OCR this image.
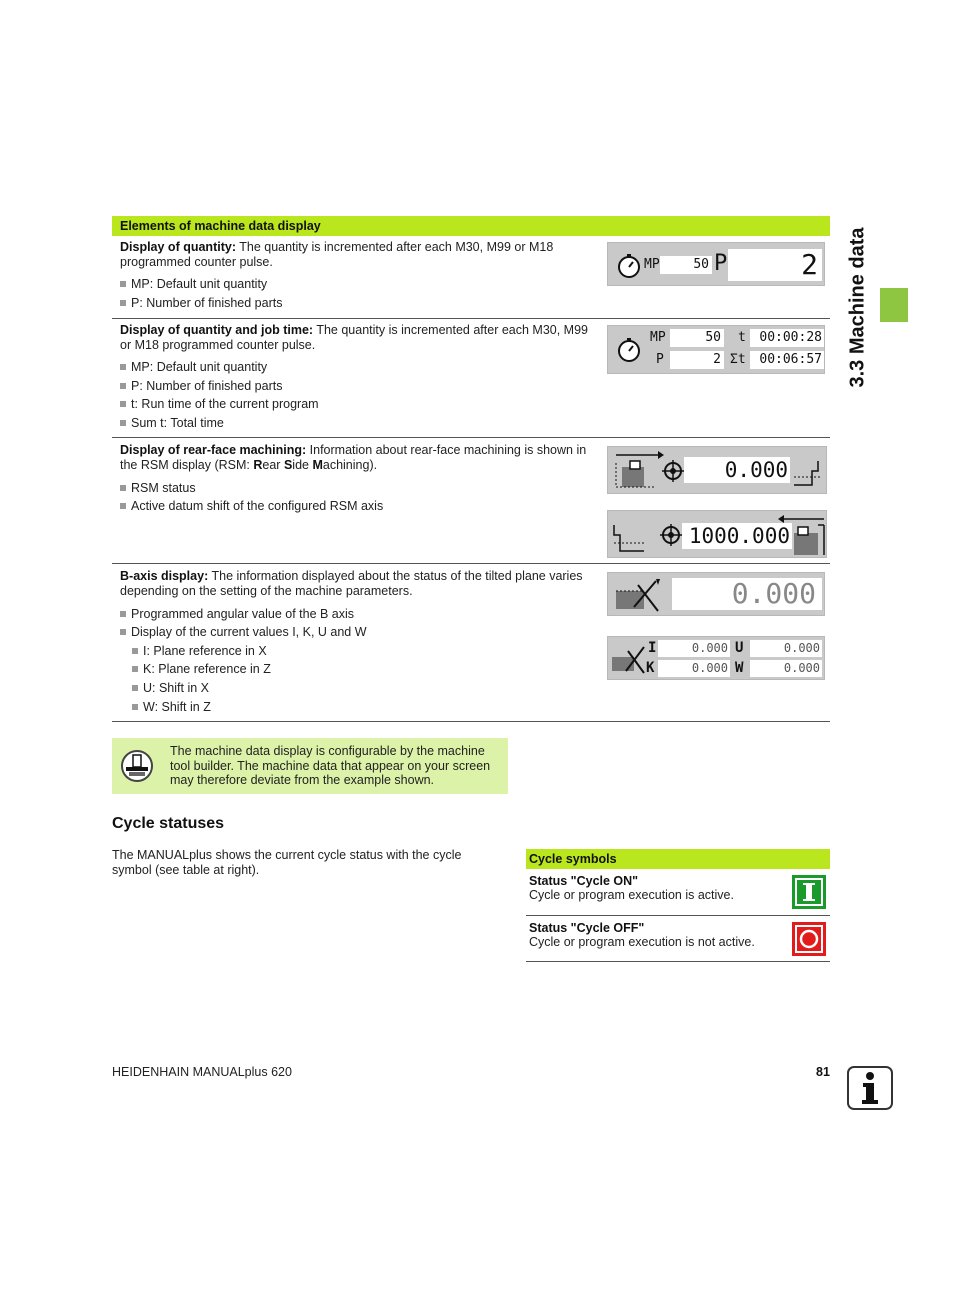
3.3 Machine data
Elements of machine data display
Display of quantity: The quantity is incremented after each M30, M99 or M18 programmed counter pulse.
MP: Default unit quantity
P: Number of finished parts
MP	50 P	2
Display of quantity and job time: The quantity is incremented after each M30, M99 or M18 programmed counter pulse.
MP: Default unit quantity
P: Number of finished parts
t: Run time of the current program
Sum t: Total time
MP	50 t	00:00:28
P	2 Σt	00:06:57
Display of rear-face machining: Information about rear-face machining is shown in the RSM display (RSM: Rear Side Machining).
RSM status
Active datum shift of the configured RSM axis
0.000
1000.000
B-axis display: The information displayed about the status of the tilted plane varies depending on the setting of the machine parameters.
Programmed angular value of the B axis
Display of the current values I, K, U and W
I: Plane reference in X
K: Plane reference in Z
U: Shift in X
W: Shift in Z
0.000
I	0.000 U	0.000
K	0.000 W	0.000
The machine data display is configurable by the machine tool builder. The machine data that appear on your screen may therefore deviate from the example shown.
Cycle statuses
The MANUALplus shows the current cycle status with the cycle symbol (see table at right).
Cycle symbols
Status "Cycle ON"
Cycle or program execution is active.
Status "Cycle OFF"
Cycle or program execution is not active.
HEIDENHAIN MANUALplus 620	81
